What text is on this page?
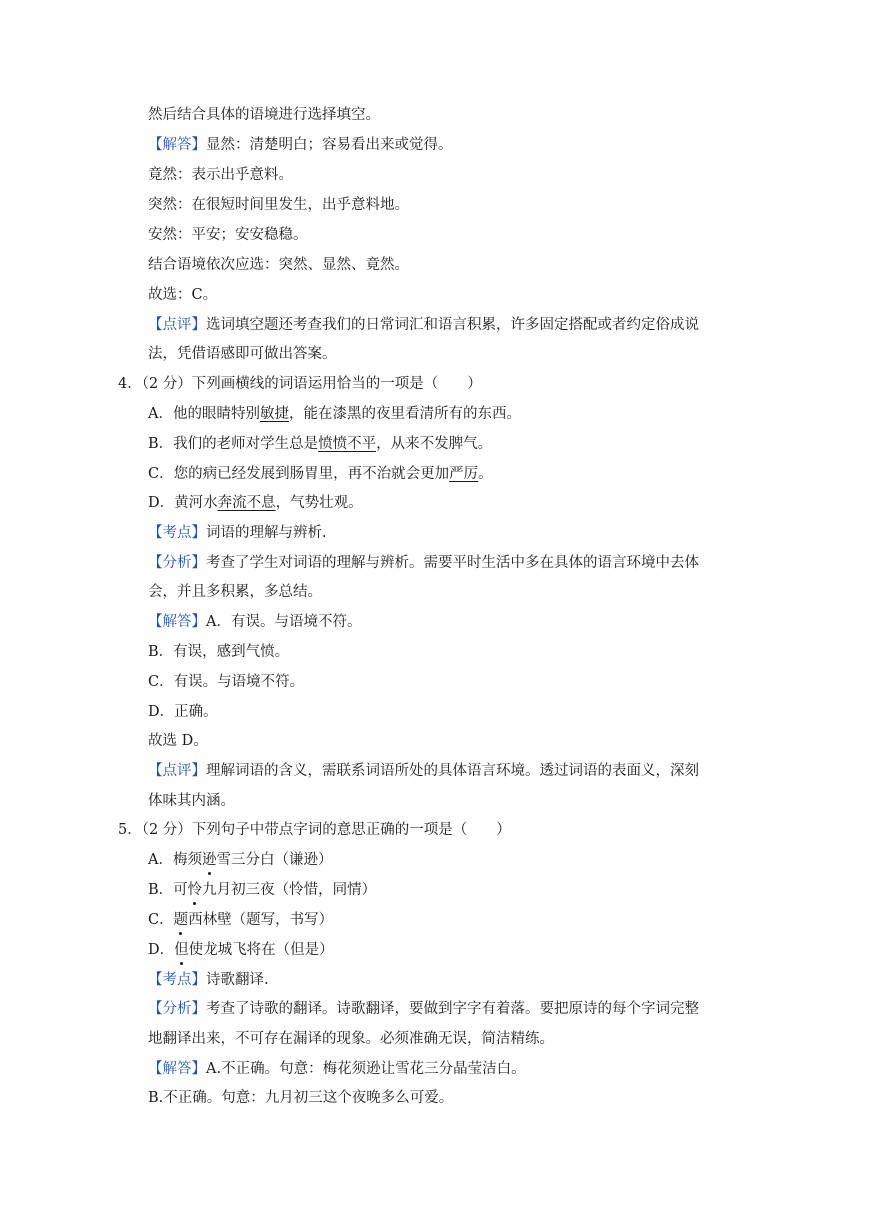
然后结合具体的语境进行选择填空。
【解答】显然：清楚明白；容易看出来或觉得。
竟然：表示出乎意料。
突然：在很短时间里发生，出乎意料地。
安然：平安；安安稳稳。
结合语境依次应选：突然、显然、竟然。
故选：C。
【点评】选词填空题还考查我们的日常词汇和语言积累，许多固定搭配或者约定俗成说
法，凭借语感即可做出答案。
4．（2 分）下列画横线的词语运用恰当的一项是（　　）
A．他的眼睛特别敏捷，能在漆黑的夜里看清所有的东西。
B．我们的老师对学生总是愤愤不平，从来不发脾气。
C．您的病已经发展到肠胃里，再不治就会更加严厉。
D．黄河水奔流不息，气势壮观。
【考点】词语的理解与辨析.
【分析】考查了学生对词语的理解与辨析。需要平时生活中多在具体的语言环境中去体
会，并且多积累，多总结。
【解答】A．有误。与语境不符。
B．有误，感到气愤。
C．有误。与语境不符。
D．正确。
故选 D。
【点评】理解词语的含义，需联系词语所处的具体语言环境。透过词语的表面义，深刻
体味其内涵。
5．（2 分）下列句子中带点字词的意思正确的一项是（　　）
A．梅须逊雪三分白（谦逊）
B．可怜九月初三夜（怜惜，同情）
C．题西林壁（题写，书写）
D．但使龙城飞将在（但是）
【考点】诗歌翻译.
【分析】考查了诗歌的翻译。诗歌翻译，要做到字字有着落。要把原诗的每个字词完整
地翻译出来，不可存在漏译的现象。必须准确无误，简洁精练。
【解答】A.不正确。句意：梅花须逊让雪花三分晶莹洁白。
B.不正确。句意：九月初三这个夜晚多么可爱。
